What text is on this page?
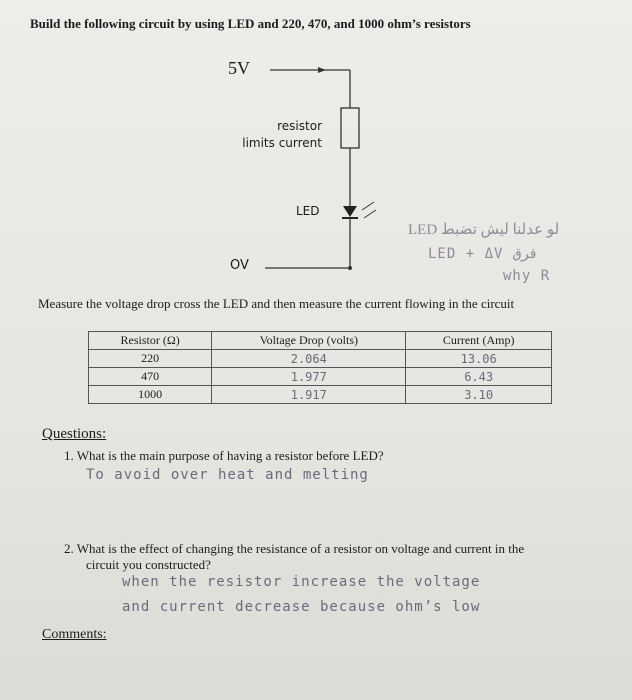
Build the following circuit by using LED and 220, 470, and 1000 ohm’s resistors
5V
resistor
limits current
LED
OV
لو عدلنا ليش تضبط LED
LED + ΔV فرق
why R
Measure the voltage drop cross the LED and then measure the current flowing in the circuit
Resistor (Ω)	Voltage Drop (volts)	Current (Amp)
220	2.064	13.06
470	1.977	6.43
1000	1.917	3.10
Questions:
1. What is the main purpose of having a resistor before LED?
To avoid over heat and melting
2. What is the effect of changing the resistance of a resistor on voltage and current in the
circuit you constructed?
when the resistor increase the voltage
and current decrease because ohm’s low
Comments:
